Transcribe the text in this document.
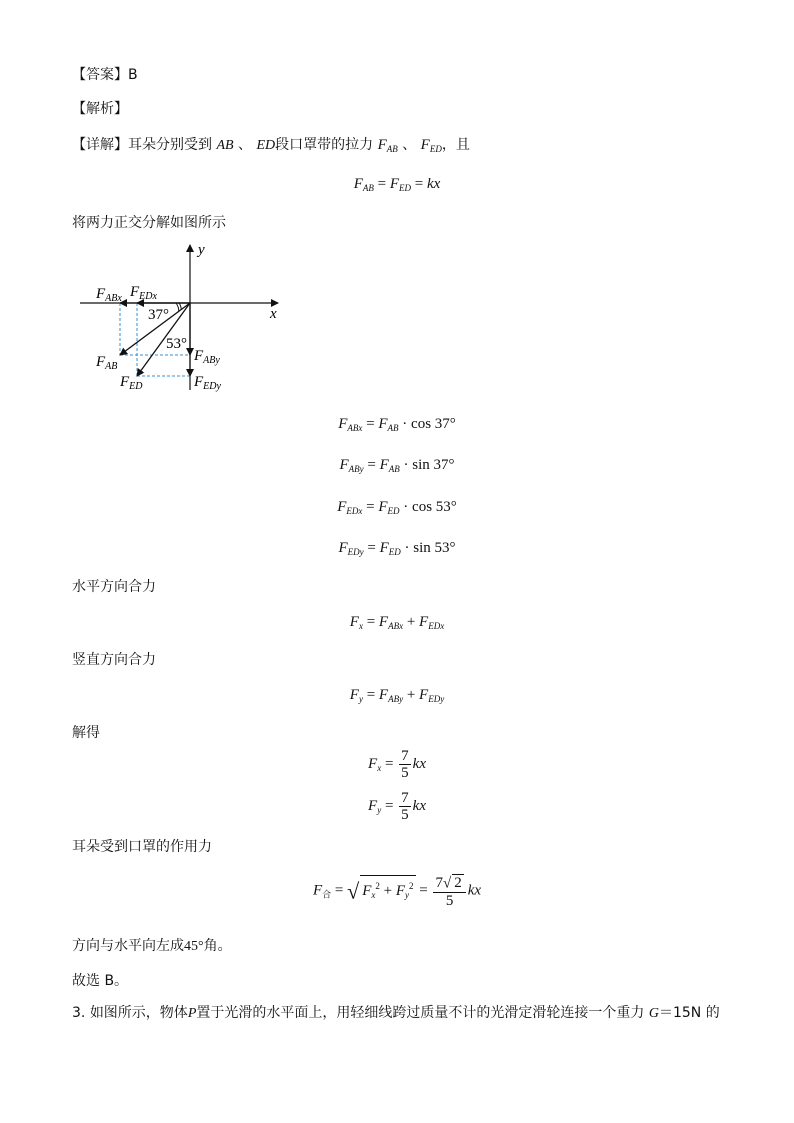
【答案】B
【解析】
【详解】耳朵分别受到 AB 、 ED段口罩带的拉力 $F_{AB}$ 、 $F_{ED}$，且
$F_{AB} = F_{ED}$ = kx
将两力正交分解如图所示
y
x
37°
53°
$F_{ABx}$ $F_{EDx}$
$F_{AB}$
$F_{ED}$
$F_{ABy}$
$F_{EDy}$
$F_{ABx} = F_{AB} \cdot \cos 37^\circ$
$F_{ABy} = F_{AB} \cdot \sin 37^\circ$
$F_{EDx} = F_{ED} \cdot \cos 53^\circ$
$F_{EDy} = F_{ED} \cdot \sin 53^\circ$
水平方向合力
$F_x = F_{ABx} + F_{EDx}$
竖直方向合力
$F_y = F_{ABy} + F_{EDy}$
解得
$F_x = \frac{7}{5}$ kx
$F_y = \frac{7}{5}$ kx
耳朵受到口罩的作用力
$F_合$ = √ $F_x^2 + F_y^2 = \frac{7√ 2}{5}$ kx
方向与水平向左成45°角。
故选 B。
3. 如图所示，物体P置于光滑的水平面上，用轻细线跨过质量不计的光滑定滑轮连接一个重力 G＝15N 的
